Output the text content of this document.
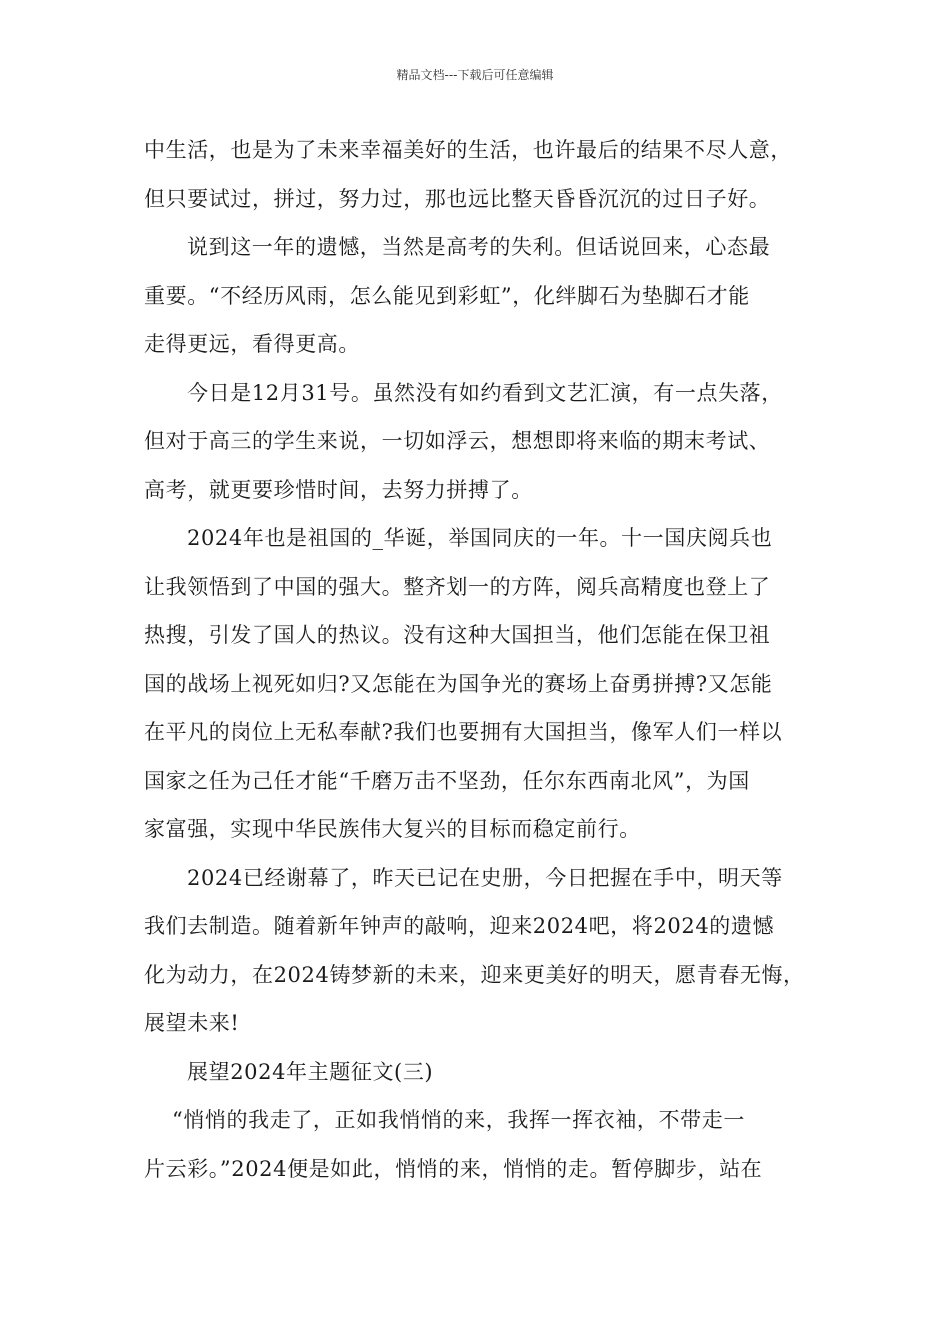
精品文档---下载后可任意编辑

中生活，也是为了未来幸福美好的生活，也许最后的结果不尽人意，
但只要试过，拼过，努力过，那也远比整天昏昏沉沉的过日子好。

说到这一年的遗憾，当然是高考的失利。但话说回来，心态最
重要。“不经历风雨，怎么能见到彩虹”，化绊脚石为垫脚石才能
走得更远，看得更高。

今日是12月31号。虽然没有如约看到文艺汇演，有一点失落，
但对于高三的学生来说，一切如浮云，想想即将来临的期末考试、
高考，就更要珍惜时间，去努力拼搏了。

2024年也是祖国的_华诞，举国同庆的一年。十一国庆阅兵也
让我领悟到了中国的强大。整齐划一的方阵，阅兵高精度也登上了
热搜，引发了国人的热议。没有这种大国担当，他们怎能在保卫祖
国的战场上视死如归?又怎能在为国争光的赛场上奋勇拼搏?又怎能
在平凡的岗位上无私奉献?我们也要拥有大国担当，像军人们一样以
国家之任为己任才能“千磨万击不坚劲，任尔东西南北风”，为国
家富强，实现中华民族伟大复兴的目标而稳定前行。

2024已经谢幕了，昨天已记在史册，今日把握在手中，明天等
我们去制造。随着新年钟声的敲响，迎来2024吧，将2024的遗憾
化为动力，在2024铸梦新的未来，迎来更美好的明天，愿青春无悔，
展望未来!

展望2024年主题征文(三)

“悄悄的我走了，正如我悄悄的来，我挥一挥衣袖，不带走一
片云彩。”2024便是如此，悄悄的来，悄悄的走。暂停脚步，站在
